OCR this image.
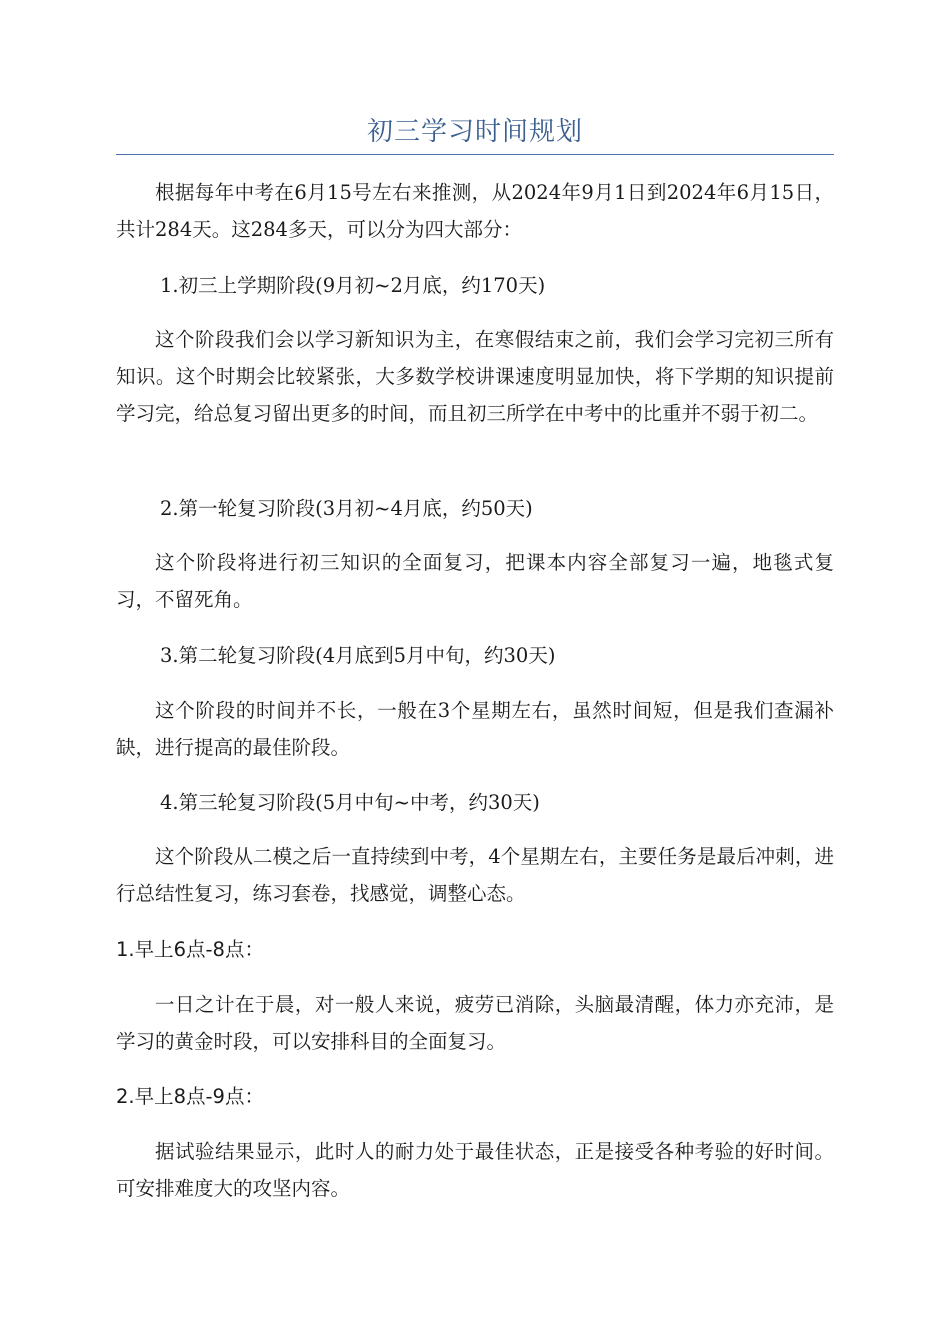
初三学习时间规划

根据每年中考在6月15号左右来推测，从2024年9月1日到2024年6月15日，共计284天。这284多天，可以分为四大部分：

1.初三上学期阶段(9月初~2月底，约170天)

这个阶段我们会以学习新知识为主，在寒假结束之前，我们会学习完初三所有知识。这个时期会比较紧张，大多数学校讲课速度明显加快，将下学期的知识提前学习完，给总复习留出更多的时间，而且初三所学在中考中的比重并不弱于初二。

2.第一轮复习阶段(3月初~4月底，约50天)

这个阶段将进行初三知识的全面复习，把课本内容全部复习一遍，地毯式复习，不留死角。

3.第二轮复习阶段(4月底到5月中旬，约30天)

这个阶段的时间并不长，一般在3个星期左右，虽然时间短，但是我们查漏补缺，进行提高的最佳阶段。

4.第三轮复习阶段(5月中旬~中考，约30天)

这个阶段从二模之后一直持续到中考，4个星期左右，主要任务是最后冲刺，进行总结性复习，练习套卷，找感觉，调整心态。

1.早上6点-8点：

一日之计在于晨，对一般人来说，疲劳已消除，头脑最清醒，体力亦充沛，是学习的黄金时段，可以安排科目的全面复习。

2.早上8点-9点：

据试验结果显示，此时人的耐力处于最佳状态，正是接受各种考验的好时间。可安排难度大的攻坚内容。
